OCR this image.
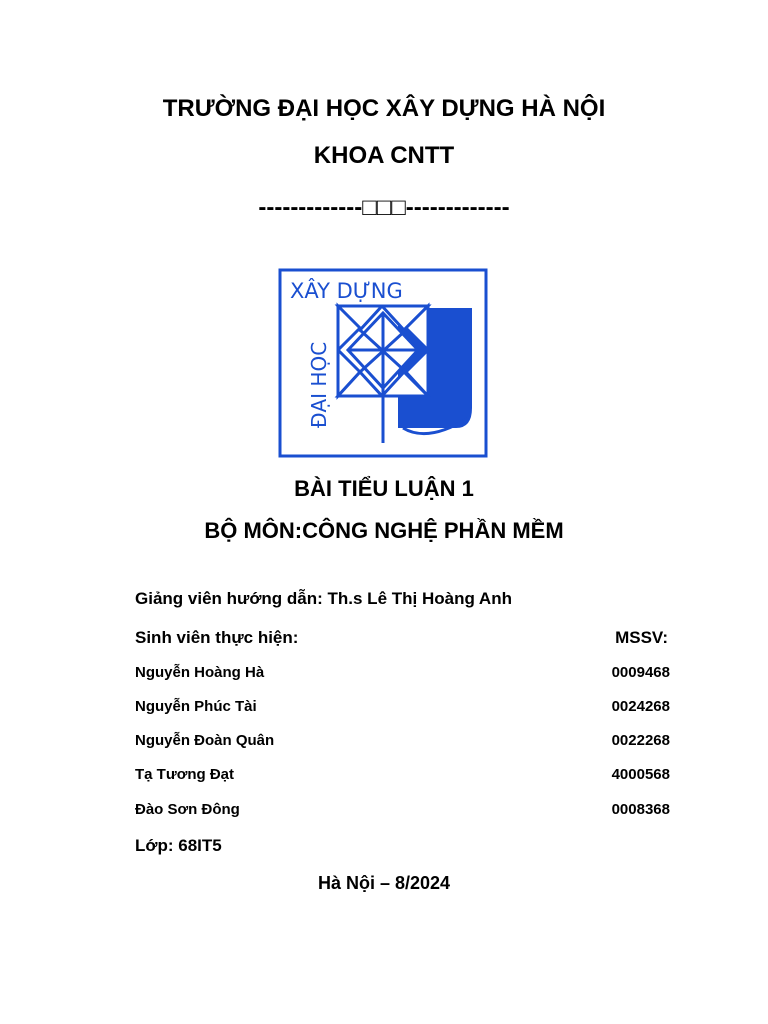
TRƯỜNG ĐẠI HỌC XÂY DỰNG HÀ NỘI
KHOA CNTT
-------------□□□-------------
XÂY DỰNG
ĐẠI HỌC
BÀI TIỂU LUẬN 1
BỘ MÔN:CÔNG NGHỆ PHẦN MỀM
Giảng viên hướng dẫn: Th.s Lê Thị Hoàng Anh
Sinh viên thực hiện:	MSSV:
Nguyễn Hoàng Hà	0009468
Nguyễn Phúc Tài	0024268
Nguyễn Đoàn Quân	0022268
Tạ Tương Đạt	4000568
Đào Sơn Đông	0008368
Lớp: 68IT5
Hà Nội – 8/2024
